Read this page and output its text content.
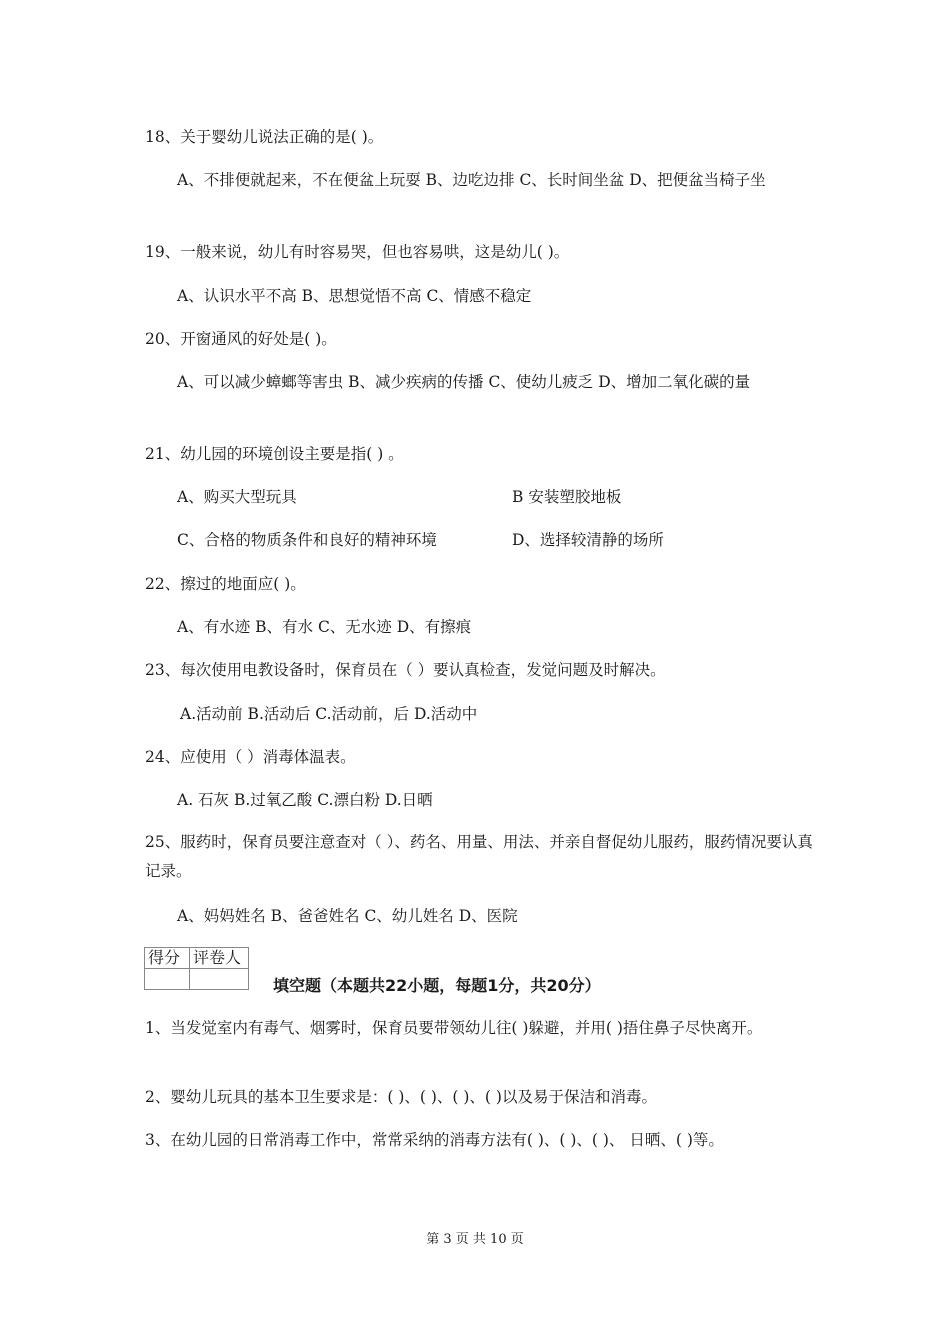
18、关于婴幼儿说法正确的是( )。
A、不排便就起来，不在便盆上玩耍 B、边吃边排 C、长时间坐盆 D、把便盆当椅子坐
19、一般来说，幼儿有时容易哭，但也容易哄，这是幼儿( )。
A、认识水平不高 B、思想觉悟不高 C、情感不稳定
20、开窗通风的好处是( )。
A、可以减少蟑螂等害虫 B、减少疾病的传播 C、使幼儿疲乏 D、增加二氧化碳的量
21、幼儿园的环境创设主要是指( ) 。
A、购买大型玩具	B 安装塑胶地板
C、合格的物质条件和良好的精神环境	D、选择较清静的场所
22、擦过的地面应( )。
A、有水迹 B、有水 C、无水迹 D、有擦痕
23、每次使用电教设备时，保育员在（ ）要认真检查，发觉问题及时解决。
A.活动前 B.活动后 C.活动前，后 D.活动中
24、应使用（ ）消毒体温表。
A. 石灰 B.过氧乙酸 C.漂白粉 D.日晒
25、服药时，保育员要注意查对（ ）、药名、用量、用法、并亲自督促幼儿服药，服药情况要认真记录。
A、妈妈姓名 B、爸爸姓名 C、幼儿姓名 D、医院
得分	评卷人

填空题（本题共22小题，每题1分，共20分）
1、当发觉室内有毒气、烟雾时，保育员要带领幼儿往( )躲避，并用( )捂住鼻子尽快离开。
2、婴幼儿玩具的基本卫生要求是：( )、( )、( )、( )以及易于保洁和消毒。
3、在幼儿园的日常消毒工作中，常常采纳的消毒方法有( )、( )、( )、 日晒、( )等。
第 3 页 共 10 页
